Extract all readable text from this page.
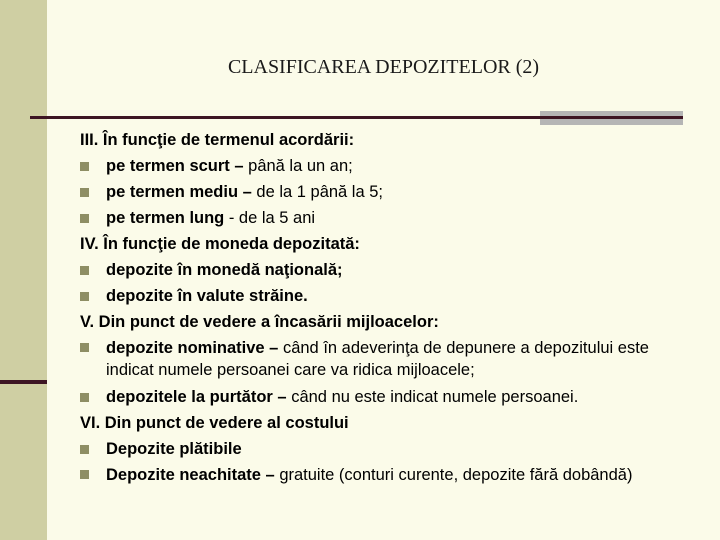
CLASIFICAREA DEPOZITELOR (2)
III. În funcţie de termenul acordării:
pe termen scurt – până la un an;
pe termen mediu – de la 1 până la 5;
pe termen lung - de la 5 ani
IV. În funcţie de moneda depozitată:
depozite în monedă naţională;
depozite în valute străine.
V. Din punct de vedere a încasării mijloacelor:
depozite nominative – când în adeverinţa de depunere a depozitului este indicat numele persoanei care va ridica mijloacele;
depozitele la purtător – când nu este indicat numele persoanei.
VI. Din punct de vedere al costului
Depozite plătibile
Depozite neachitate – gratuite (conturi curente, depozite fără dobândă)
